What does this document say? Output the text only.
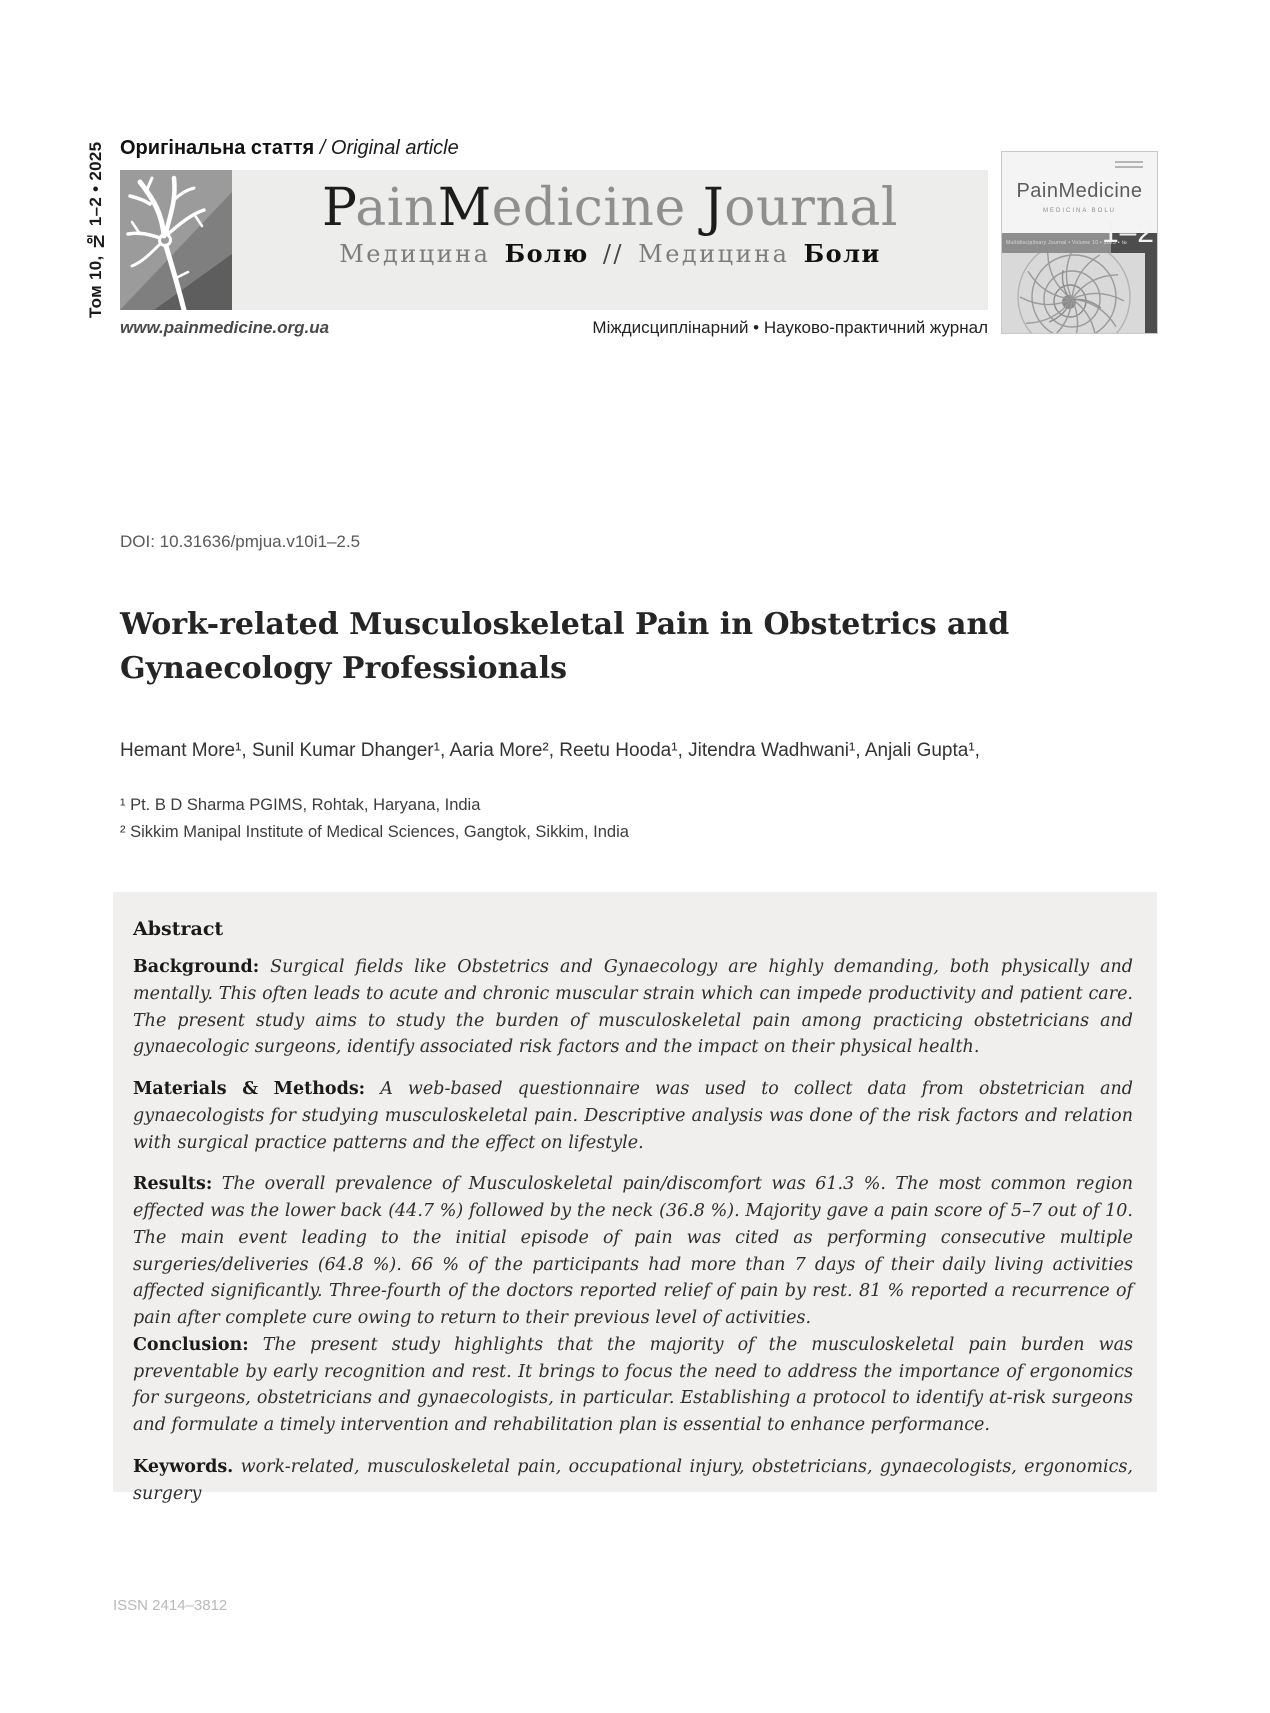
Том 10, № 1–2 • 2025 Оригінальна стаття / Original article
PainMedicine Journal
Медицина Болю // Медицина Боли
www.painmedicine.org.ua	Міждисциплінарний • Науково-практичний журнал
PainMedicine
MEDICINA BOLU
Multidisciplinary Journal • Volume 10 • 2025 • №
1–2
DOI: 10.31636/pmjua.v10i1–2.5
Work-related Musculoskeletal Pain in Obstetrics and Gynaecology Professionals
Hemant More¹, Sunil Kumar Dhanger¹, Aaria More², Reetu Hooda¹, Jitendra Wadhwani¹, Anjali Gupta¹,
¹ Pt. B D Sharma PGIMS, Rohtak, Haryana, India
² Sikkim Manipal Institute of Medical Sciences, Gangtok, Sikkim, India

Abstract

Background: Surgical fields like Obstetrics and Gynaecology are highly demanding, both physically and mentally. This often leads to acute and chronic muscular strain which can impede productivity and patient care. The present study aims to study the burden of musculoskeletal pain among practicing obstetricians and gynaecologic surgeons, identify associated risk factors and the impact on their physical health.

Materials & Methods: A web-based questionnaire was used to collect data from obstetrician and gynaecologists for studying musculoskeletal pain. Descriptive analysis was done of the risk factors and relation with surgical practice patterns and the effect on lifestyle.

Results: The overall prevalence of Musculoskeletal pain/discomfort was 61.3 %. The most common region effected was the lower back (44.7 %) followed by the neck (36.8 %). Majority gave a pain score of 5–7 out of 10. The main event leading to the initial episode of pain was cited as performing consecutive multiple surgeries/deliveries (64.8 %). 66 % of the participants had more than 7 days of their daily living activities affected significantly. Three-fourth of the doctors reported relief of pain by rest. 81 % reported a recurrence of pain after complete cure owing to return to their previous level of activities.

Conclusion: The present study highlights that the majority of the musculoskeletal pain burden was preventable by early recognition and rest. It brings to focus the need to address the importance of ergonomics for surgeons, obstetricians and gynaecologists, in particular. Establishing a protocol to identify at-risk surgeons and formulate a timely intervention and rehabilitation plan is essential to enhance performance.

Keywords. work-related, musculoskeletal pain, occupational injury, obstetricians, gynaecologists, ergonomics, surgery

ISSN 2414–3812
